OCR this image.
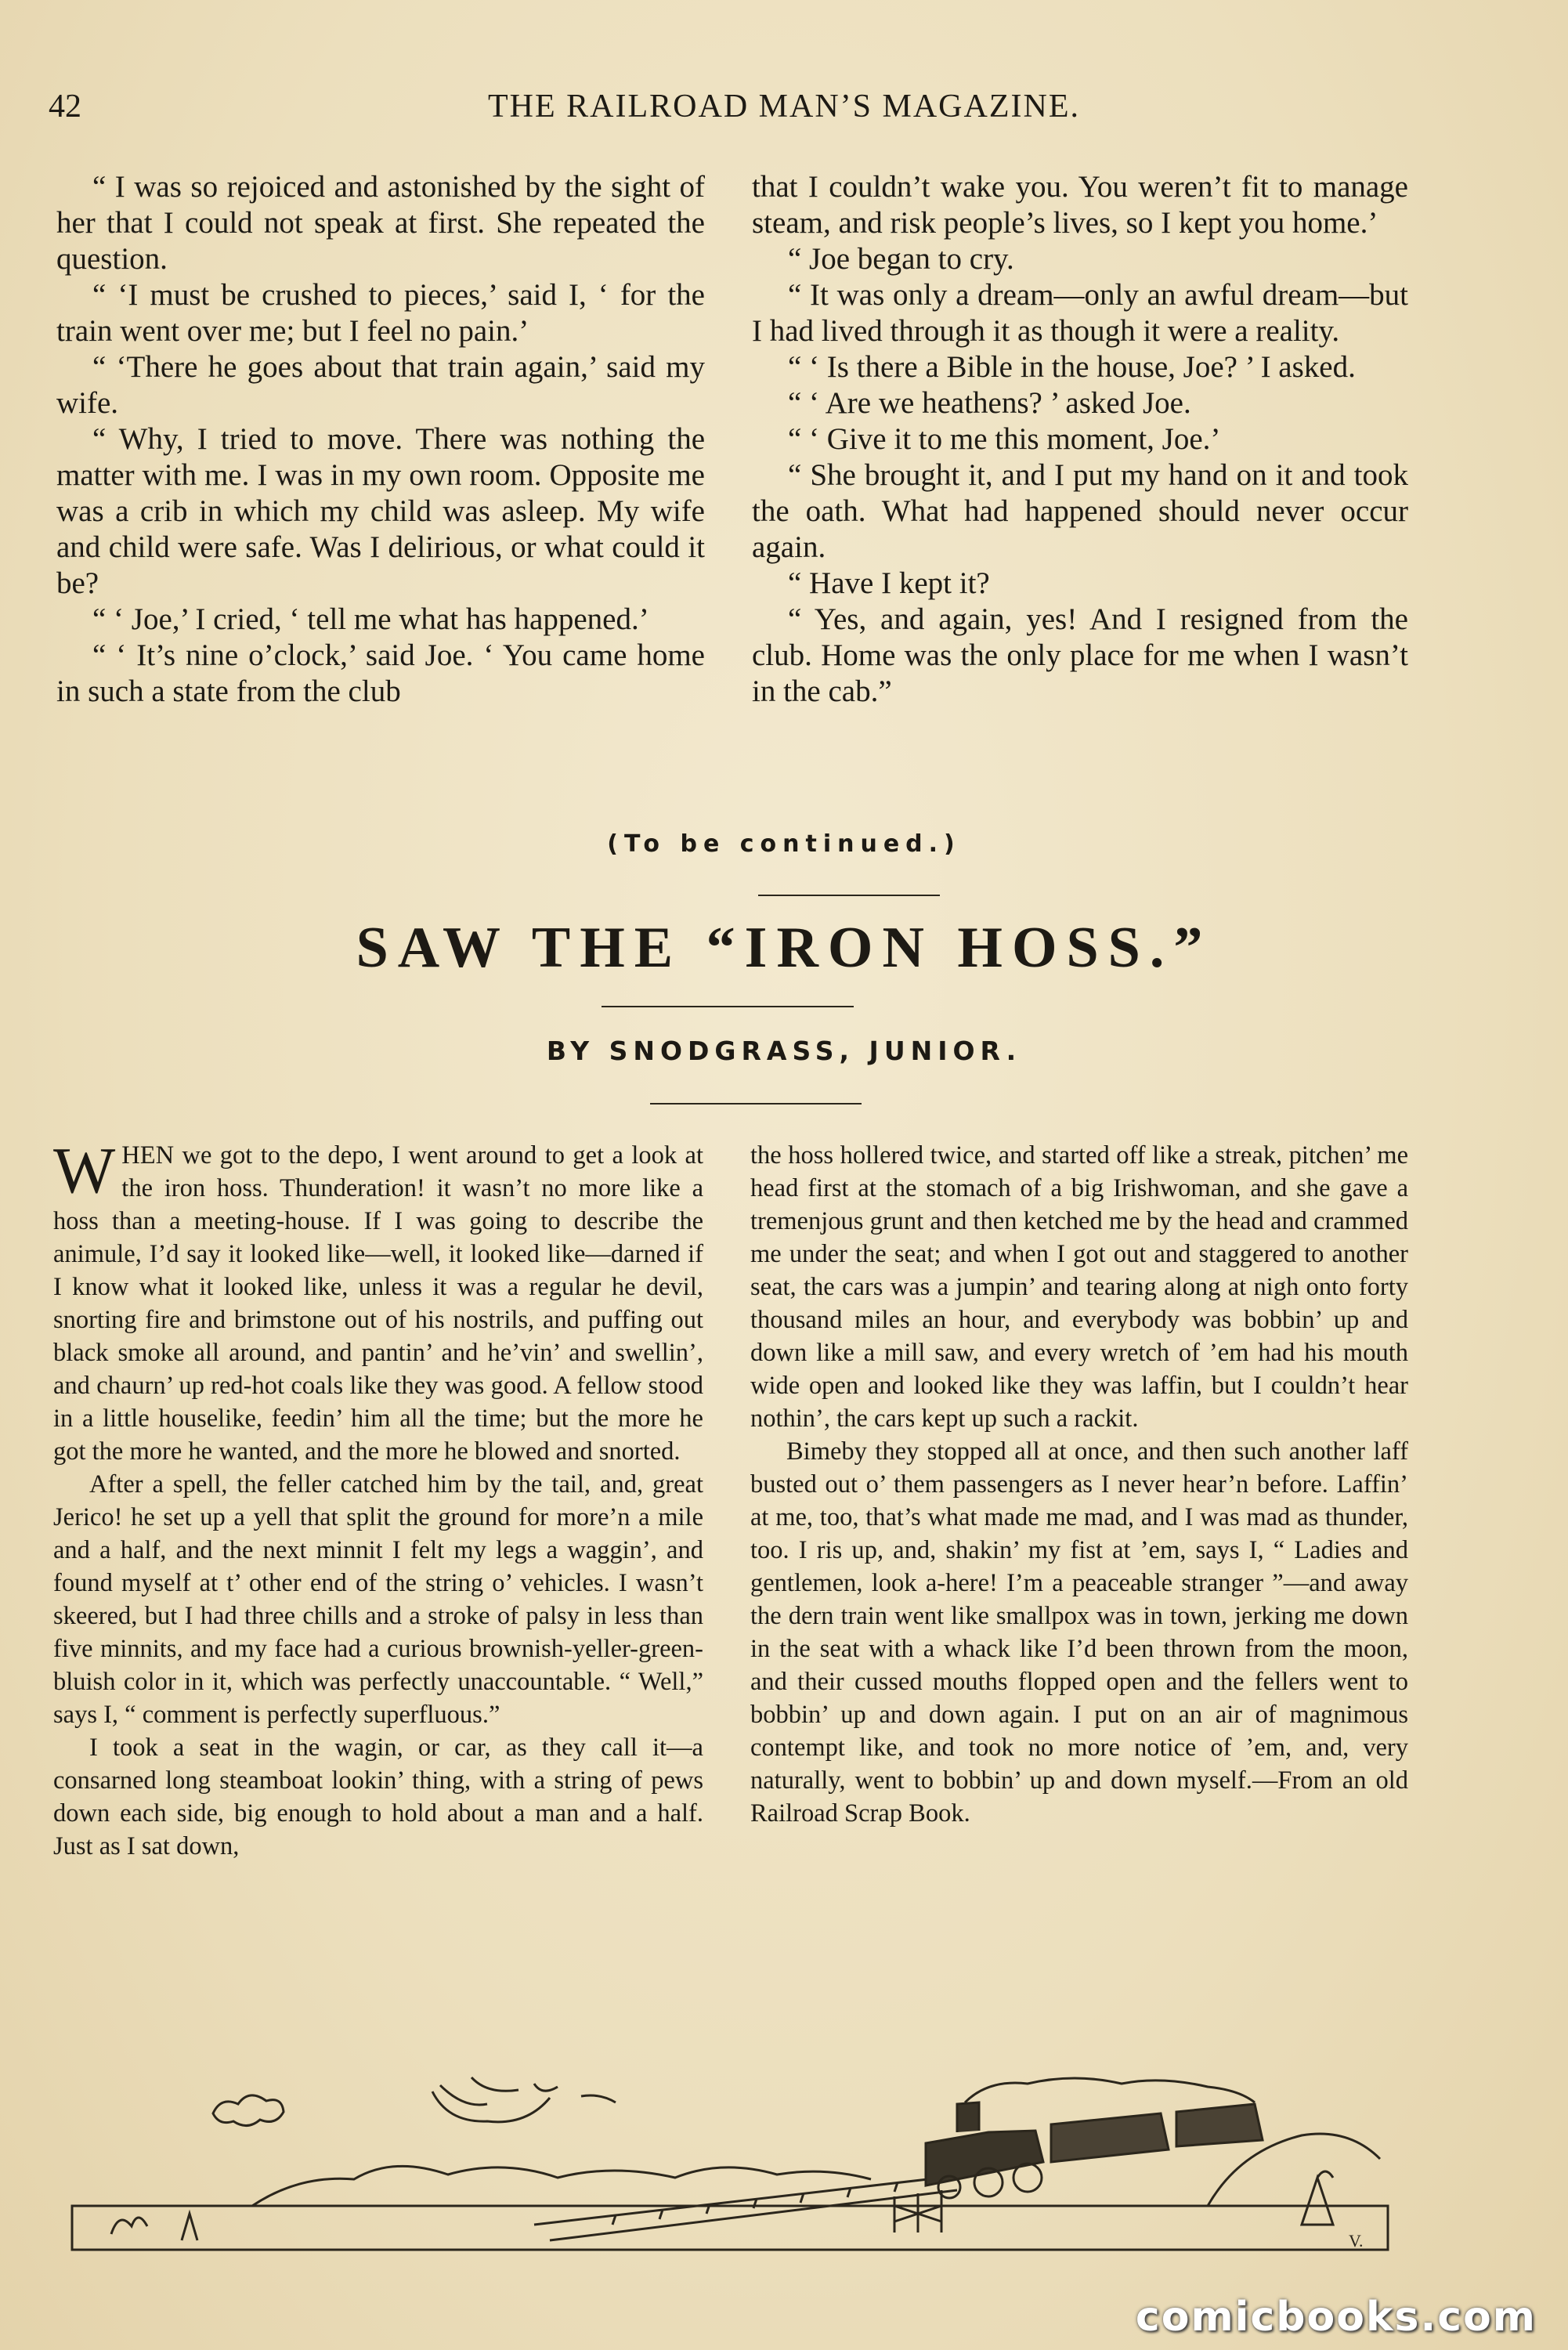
42	THE RAILROAD MAN’S MAGAZINE.

“ I was so rejoiced and astonished by the sight of her that I could not speak at first. She repeated the question.

“ ‘I must be crushed to pieces,’ said I, ‘ for the train went over me; but I feel no pain.’

“ ‘There he goes about that train again,’ said my wife.

“ Why, I tried to move. There was nothing the matter with me. I was in my own room. Opposite me was a crib in which my child was asleep. My wife and child were safe. Was I delirious, or what could it be?

“ ‘ Joe,’ I cried, ‘ tell me what has happened.’

“ ‘ It’s nine o’clock,’ said Joe. ‘ You came home in such a state from the club

that I couldn’t wake you. You weren’t fit to manage steam, and risk people’s lives, so I kept you home.’

“ Joe began to cry.

“ It was only a dream—only an awful dream—but I had lived through it as though it were a reality.

“ ‘ Is there a Bible in the house, Joe? ’ I asked.

“ ‘ Are we heathens? ’ asked Joe.

“ ‘ Give it to me this moment, Joe.’

“ She brought it, and I put my hand on it and took the oath. What had happened should never occur again.

“ Have I kept it?

“ Yes, and again, yes! And I resigned from the club. Home was the only place for me when I wasn’t in the cab.”

(To be continued.)
SAW THE “IRON HOSS.”
BY SNODGRASS, JUNIOR.

WHEN we got to the depo, I went around to get a look at the iron hoss. Thunderation! it wasn’t no more like a hoss than a meeting-house. If I was going to describe the animule, I’d say it looked like—well, it looked like—darned if I know what it looked like, unless it was a regular he devil, snorting fire and brimstone out of his nostrils, and puffing out black smoke all around, and pantin’ and he’vin’ and swellin’, and chaurn’ up red-hot coals like they was good. A fellow stood in a little houselike, feedin’ him all the time; but the more he got the more he wanted, and the more he blowed and snorted.

After a spell, the feller catched him by the tail, and, great Jerico! he set up a yell that split the ground for more’n a mile and a half, and the next minnit I felt my legs a waggin’, and found myself at t’ other end of the string o’ vehicles. I wasn’t skeered, but I had three chills and a stroke of palsy in less than five minnits, and my face had a curious brownish-yeller-green-bluish color in it, which was perfectly unaccountable. “ Well,” says I, “ comment is perfectly superfluous.”

I took a seat in the wagin, or car, as they call it—a consarned long steamboat lookin’ thing, with a string of pews down each side, big enough to hold about a man and a half. Just as I sat down,

the hoss hollered twice, and started off like a streak, pitchen’ me head first at the stomach of a big Irishwoman, and she gave a tremenjous grunt and then ketched me by the head and crammed me under the seat; and when I got out and staggered to another seat, the cars was a jumpin’ and tearing along at nigh onto forty thousand miles an hour, and everybody was bobbin’ up and down like a mill saw, and every wretch of ’em had his mouth wide open and looked like they was laffin, but I couldn’t hear nothin’, the cars kept up such a rackit.

Bimeby they stopped all at once, and then such another laff busted out o’ them passengers as I never hear’n before. Laffin’ at me, too, that’s what made me mad, and I was mad as thunder, too. I ris up, and, shakin’ my fist at ’em, says I, “ Ladies and gentlemen, look a-here! I’m a peaceable stranger ”—and away the dern train went like smallpox was in town, jerking me down in the seat with a whack like I’d been thrown from the moon, and their cussed mouths flopped open and the fellers went to bobbin’ up and down again. I put on an air of magnimous contempt like, and took no more notice of ’em, and, very naturally, went to bobbin’ up and down myself.—From an old Railroad Scrap Book.

V.
comicbooks.com
